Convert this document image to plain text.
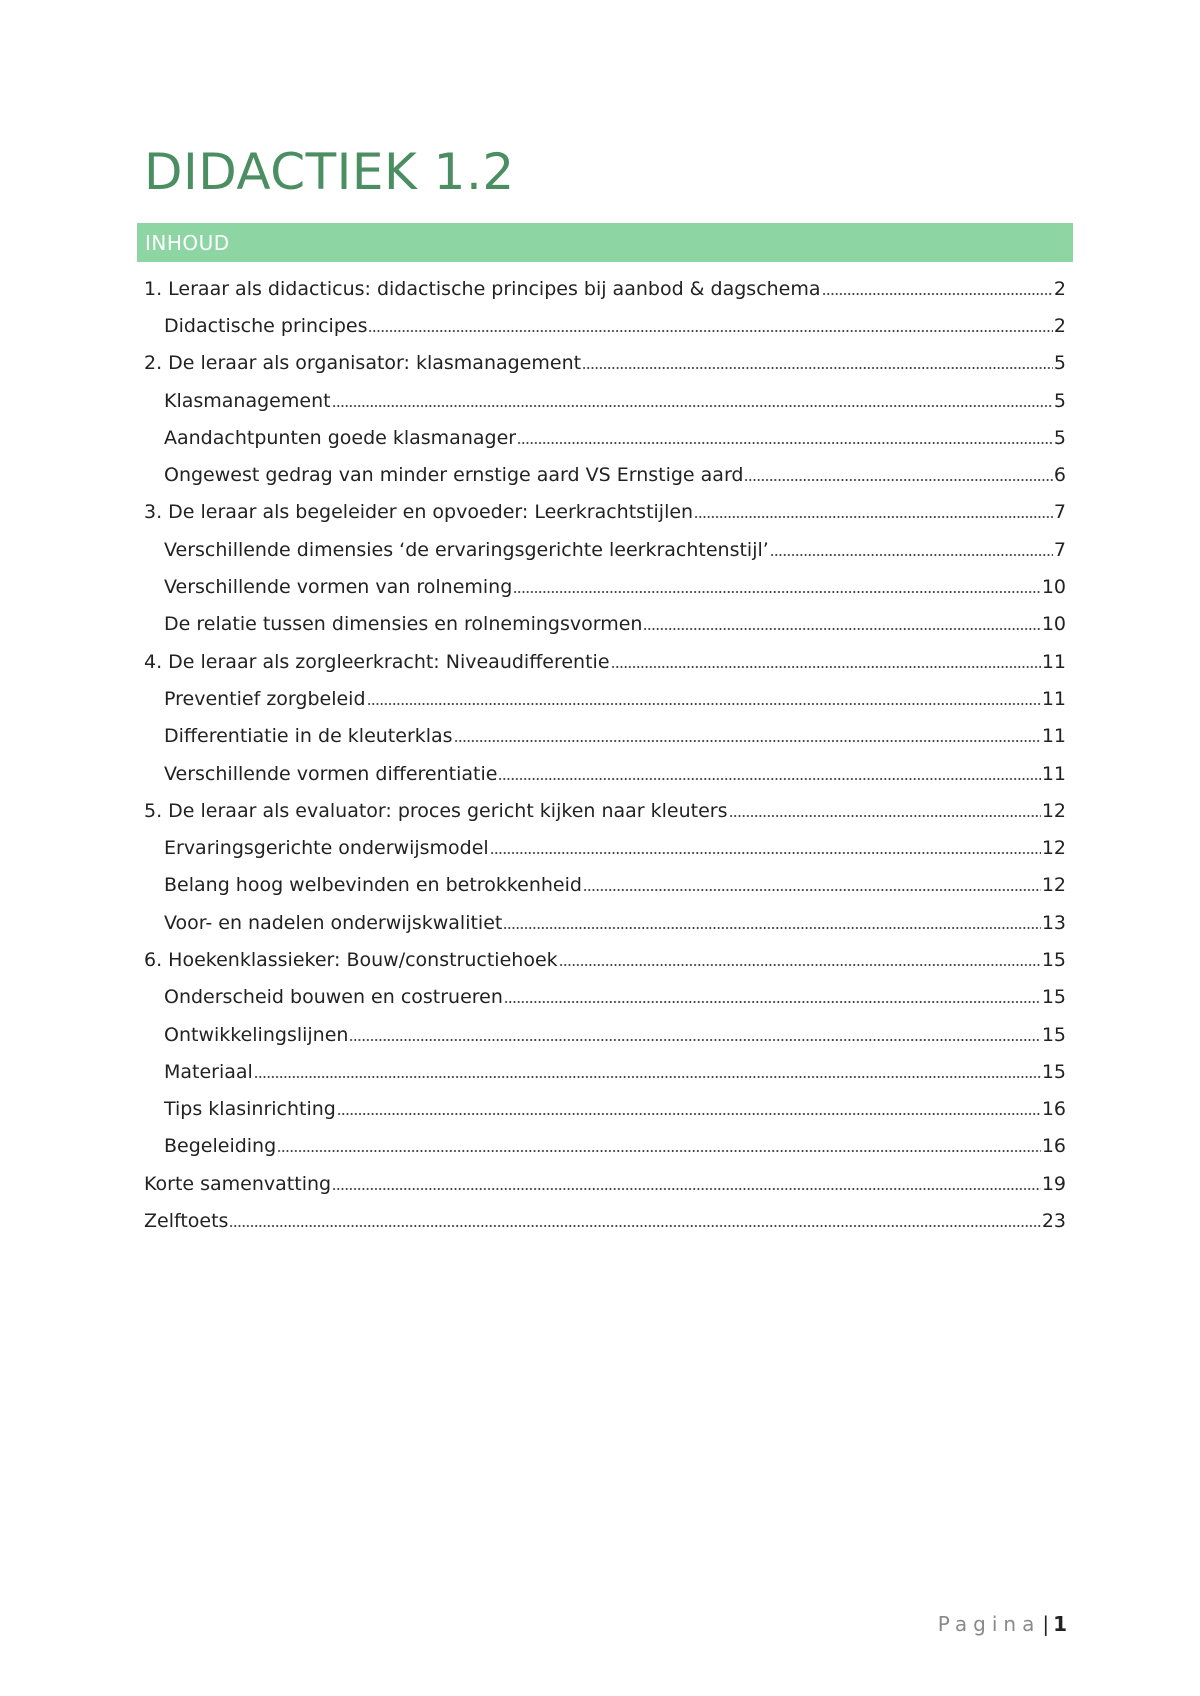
DIDACTIEK 1.2
INHOUD
1. Leraar als didacticus: didactische principes bij aanbod & dagschema	2
Didactische principes	2
2. De leraar als organisator: klasmanagement	5
Klasmanagement	5
Aandachtpunten goede klasmanager	5
Ongewest gedrag van minder ernstige aard VS Ernstige aard	6
3. De leraar als begeleider en opvoeder: Leerkrachtstijlen	7
Verschillende dimensies ‘de ervaringsgerichte leerkrachtenstijl’	7
Verschillende vormen van rolneming	10
De relatie tussen dimensies en rolnemingsvormen	10
4. De leraar als zorgleerkracht: Niveaudifferentie	11
Preventief zorgbeleid	11
Differentiatie in de kleuterklas	11
Verschillende vormen differentiatie	11
5. De leraar als evaluator: proces gericht kijken naar kleuters	12
Ervaringsgerichte onderwijsmodel	12
Belang hoog welbevinden en betrokkenheid	12
Voor- en nadelen onderwijskwalitiet	13
6. Hoekenklassieker: Bouw/constructiehoek	15
Onderscheid bouwen en costrueren	15
Ontwikkelingslijnen	15
Materiaal	15
Tips klasinrichting	16
Begeleiding	16
Korte samenvatting	19
Zelftoets	23
Pagina | 1
